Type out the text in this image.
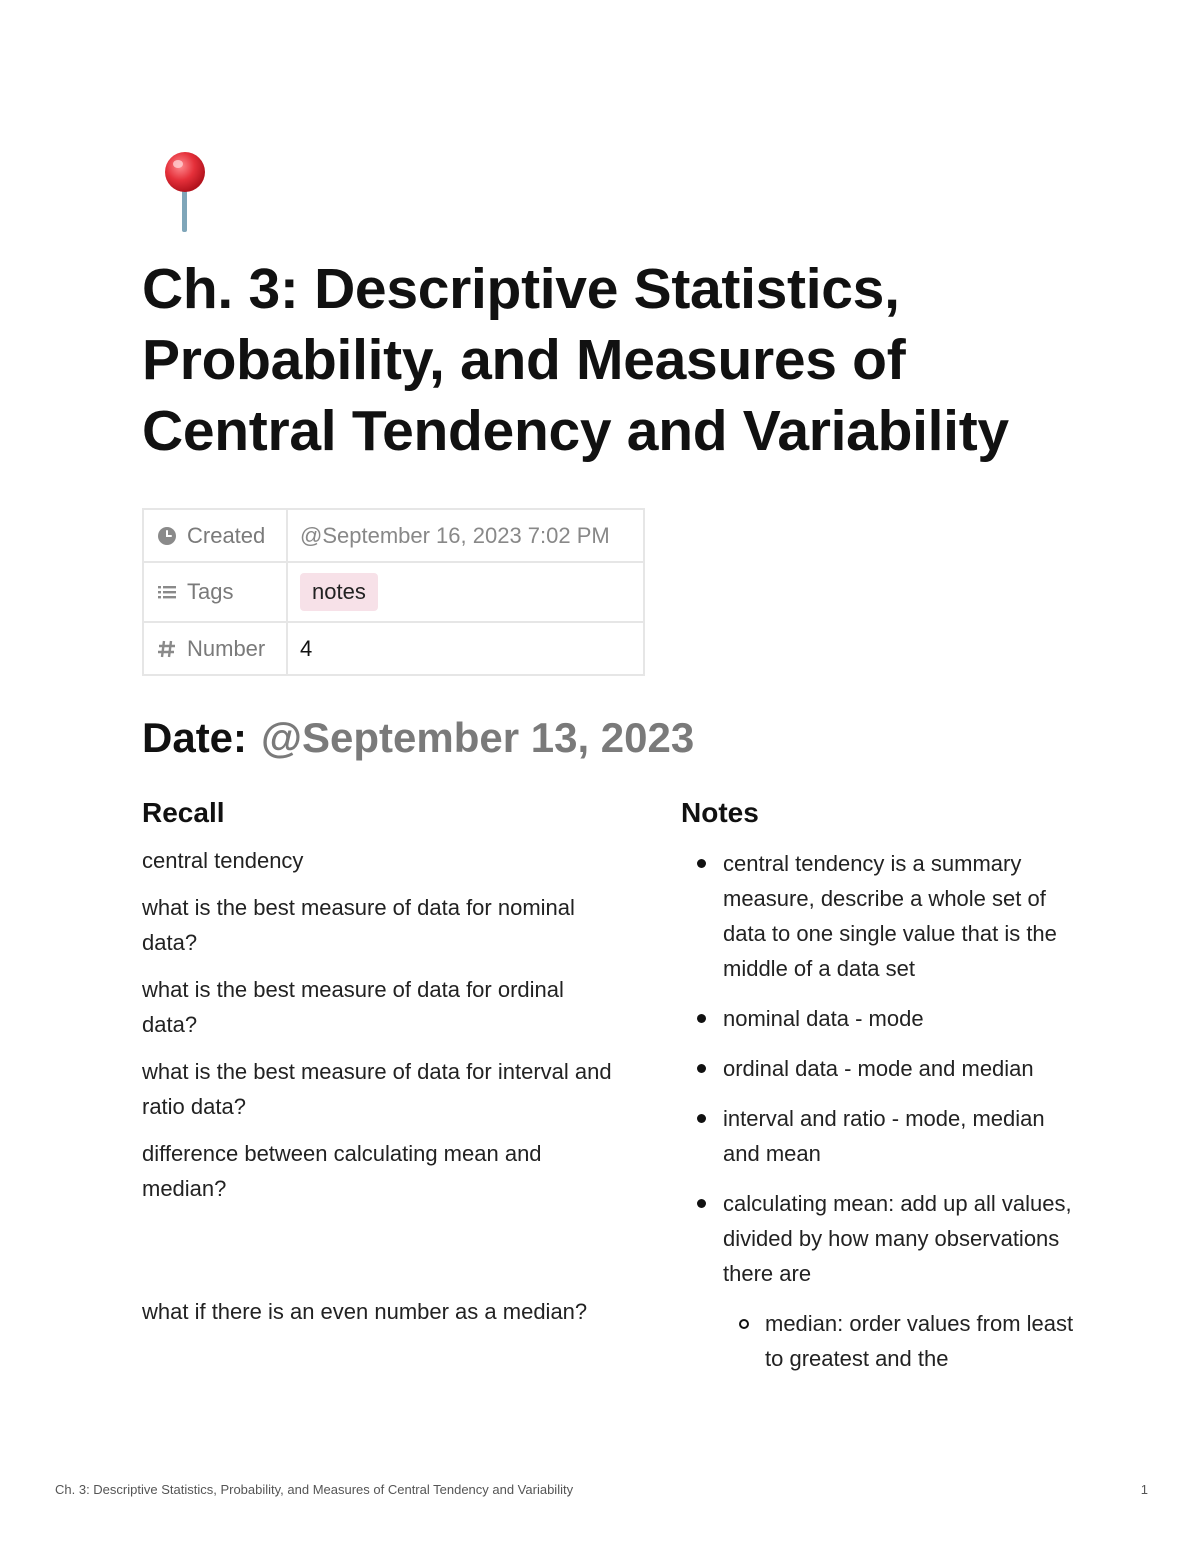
Ch. 3: Descriptive Statistics, Probability, and Measures of Central Tendency and Variability
Created	@September 16, 2023 7:02 PM
Tags	notes
Number	4
Date: @September 13, 2023
Recall	Notes

central tendency

what is the best measure of data for nominal data?

what is the best measure of data for ordinal data?

what is the best measure of data for interval and ratio data?

difference between calculating mean and median?

what if there is an even number as a median?

central tendency is a summary measure, describe a whole set of data to one single value that is the middle of a data set
nominal data - mode
ordinal data - mode and median
interval and ratio - mode, median and mean
calculating mean: add up all values, divided by how many observations there are
median: order values from least to greatest and the
Ch. 3: Descriptive Statistics, Probability, and Measures of Central Tendency and Variability	1
